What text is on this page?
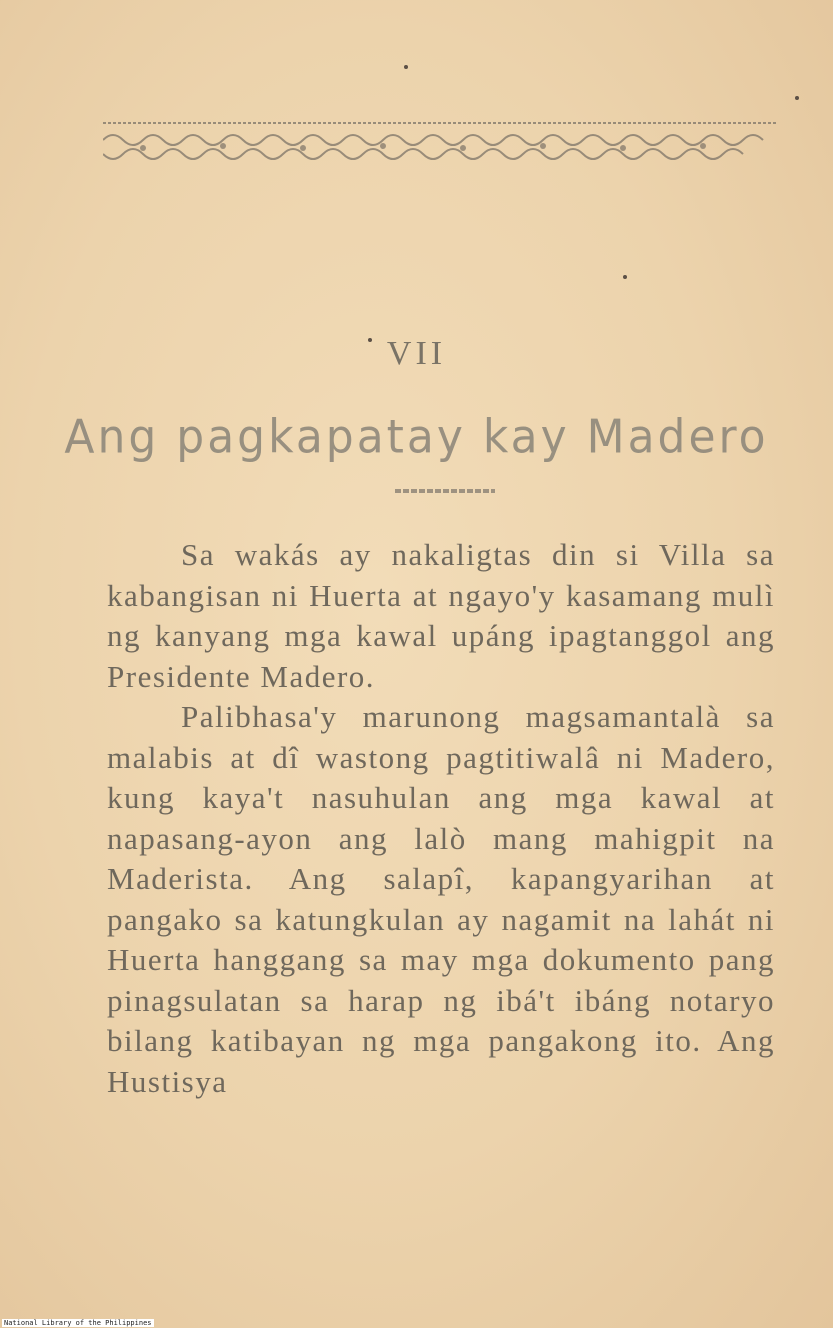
VII
Ang pagkapatay kay Madero

Sa wakás ay nakaligtas din si Villa sa kabangisan ni Huerta at ngayo'y kasamang mulì ng kanyang mga kawal upáng ipagtanggol ang Presidente Madero.

Palibhasa'y marunong magsamantalà sa malabis at dî wastong pagtitiwalâ ni Madero, kung kaya't nasuhulan ang mga kawal at napasang-ayon ang lalò mang mahigpit na Maderista. Ang salapî, kapangyarihan at pangako sa katungkulan ay nagamit na lahát ni Huerta hanggang sa may mga dokumento pang pinagsulatan sa harap ng ibá't ibáng notaryo bilang katibayan ng mga pangakong ito. Ang Hustisya

National Library of the Philippines
